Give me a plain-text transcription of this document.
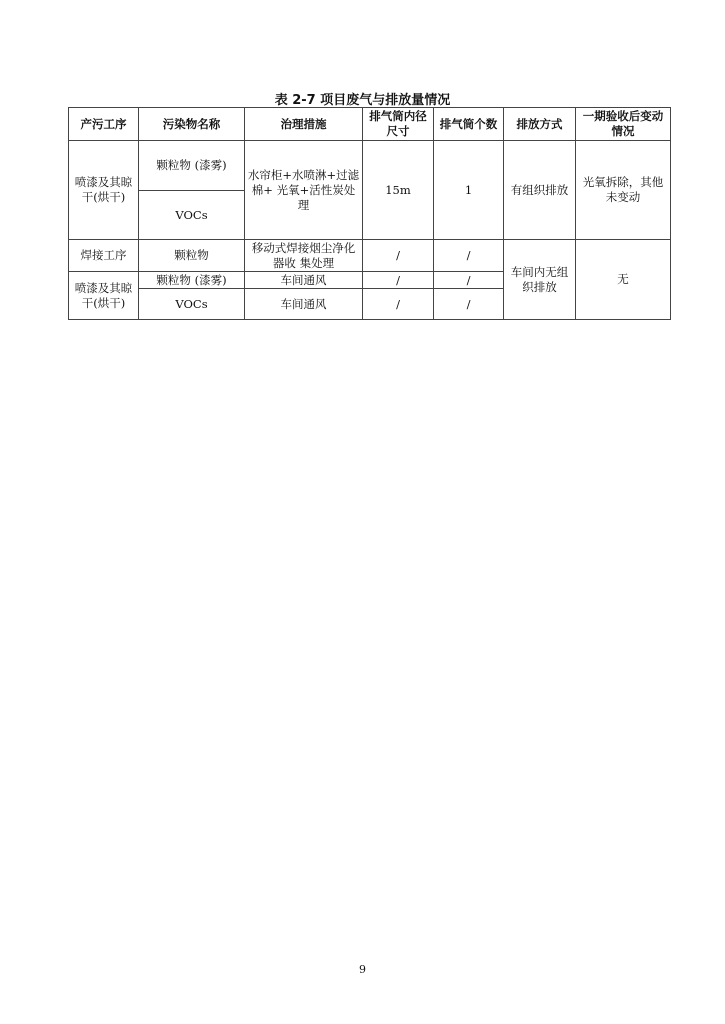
表 2-7 项目废气与排放量情况
产污工序	污染物名称	治理措施	排气筒内径尺寸	排气筒个数	排放方式	一期验收后变动情况
喷漆及其晾干(烘干)	颗粒物 (漆雾)	水帘柜+水喷淋+过滤棉+ 光氧+活性炭处理	15m	1	有组织排放	光氧拆除，其他未变动
	VOCs					
焊接工序	颗粒物	移动式焊接烟尘净化器收 集处理	/	/	车间内无组织排放	无
喷漆及其晾干(烘干)	颗粒物 (漆雾)	车间通风	/	/		
	VOCs	车间通风	/	/		
9
